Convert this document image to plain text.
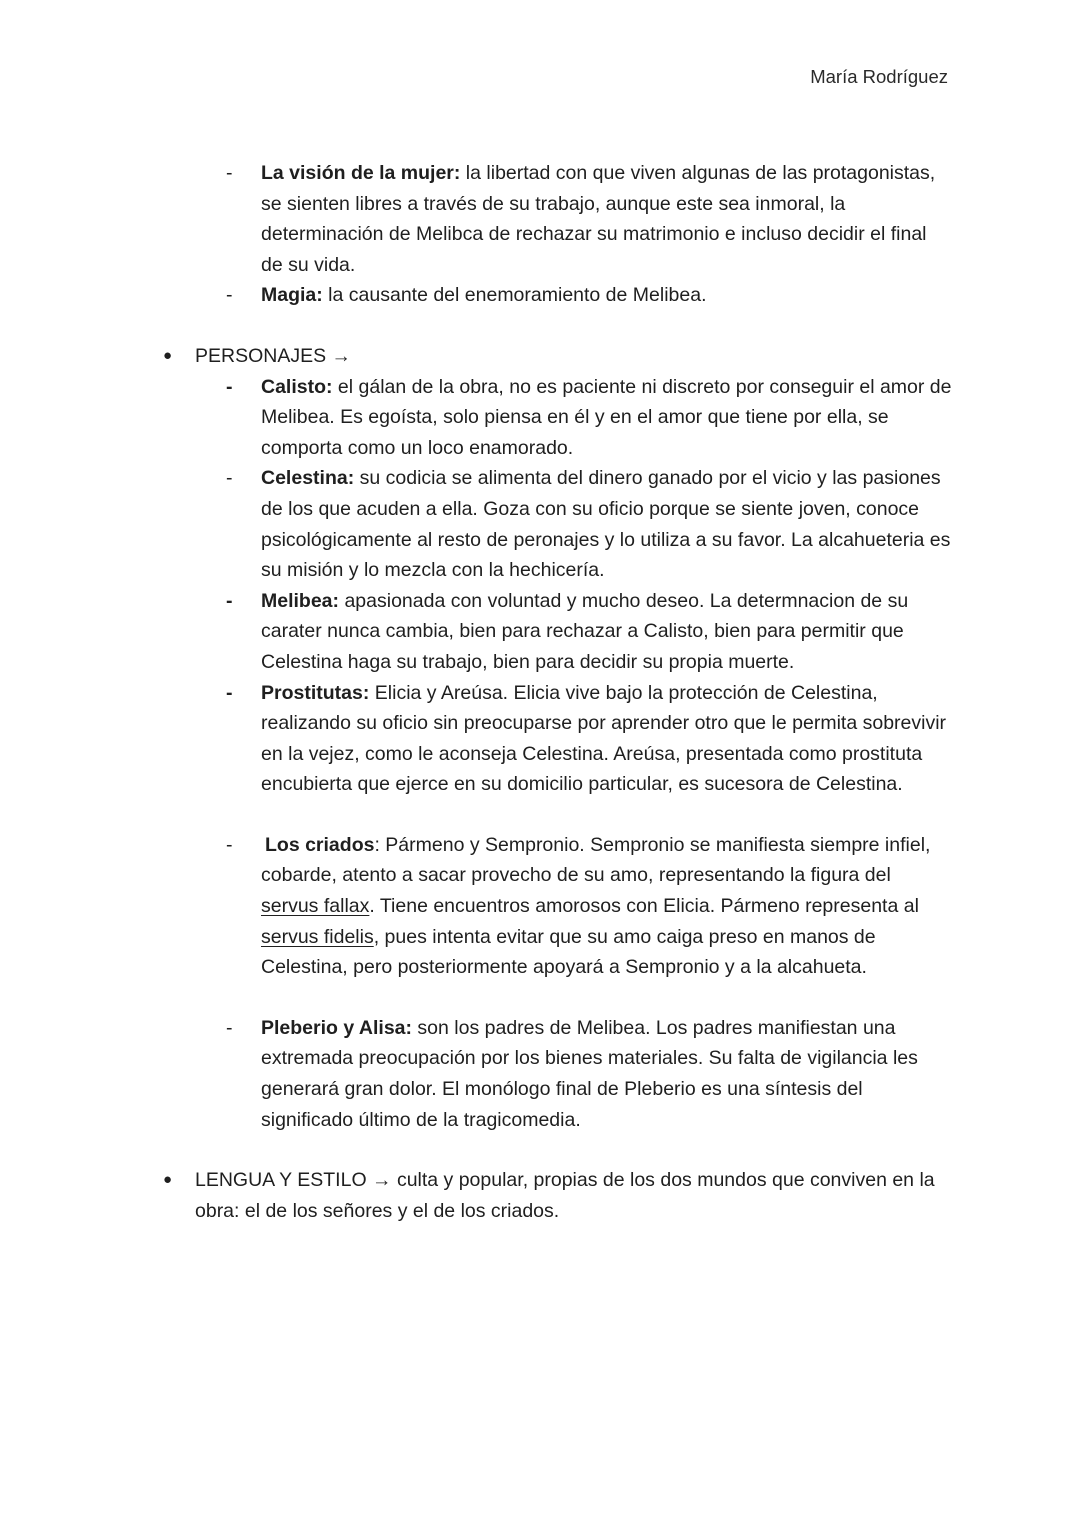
María Rodríguez
-	La visión de la mujer: la libertad con que viven algunas de las protagonistas, se sienten libres a través de su trabajo, aunque este sea inmoral, la determinación de Melibca de rechazar su matrimonio e incluso decidir el final de su vida.
-	Magia: la causante del enemoramiento de Melibea.
● PERSONAJES →
-	Calisto: el gálan de la obra, no es paciente ni discreto por conseguir el amor de Melibea. Es egoísta, solo piensa en él y en el amor que tiene por ella, se comporta como un loco enamorado.
-	Celestina: su codicia se alimenta del dinero ganado por el vicio y las pasiones de los que acuden a ella. Goza con su oficio porque se siente joven, conoce psicológicamente al resto de peronajes y lo utiliza a su favor. La alcahueteria es su misión y lo mezcla con la hechicería.
-	Melibea: apasionada con voluntad y mucho deseo. La determnacion de su carater nunca cambia, bien para rechazar a Calisto, bien para permitir que Celestina haga su trabajo, bien para decidir su propia muerte.
-	Prostitutas: Elicia y Areúsa. Elicia vive bajo la protección de Celestina, realizando su oficio sin preocuparse por aprender otro que le permita sobrevivir en la vejez, como le aconseja Celestina. Areúsa, presentada como prostituta encubierta que ejerce en su domicilio particular, es sucesora de Celestina.
-	Los criados: Pármeno y Sempronio. Sempronio se manifiesta siempre infiel, cobarde, atento a sacar provecho de su amo, representando la figura del servus fallax. Tiene encuentros amorosos con Elicia. Pármeno representa al servus fidelis, pues intenta evitar que su amo caiga preso en manos de Celestina, pero posteriormente apoyará a Sempronio y a la alcahueta.
-	Pleberio y Alisa: son los padres de Melibea. Los padres manifiestan una extremada preocupación por los bienes materiales. Su falta de vigilancia les generará gran dolor. El monólogo final de Pleberio es una síntesis del significado último de la tragicomedia.
● LENGUA Y ESTILO → culta y popular, propias de los dos mundos que conviven en la obra: el de los señores y el de los criados.
